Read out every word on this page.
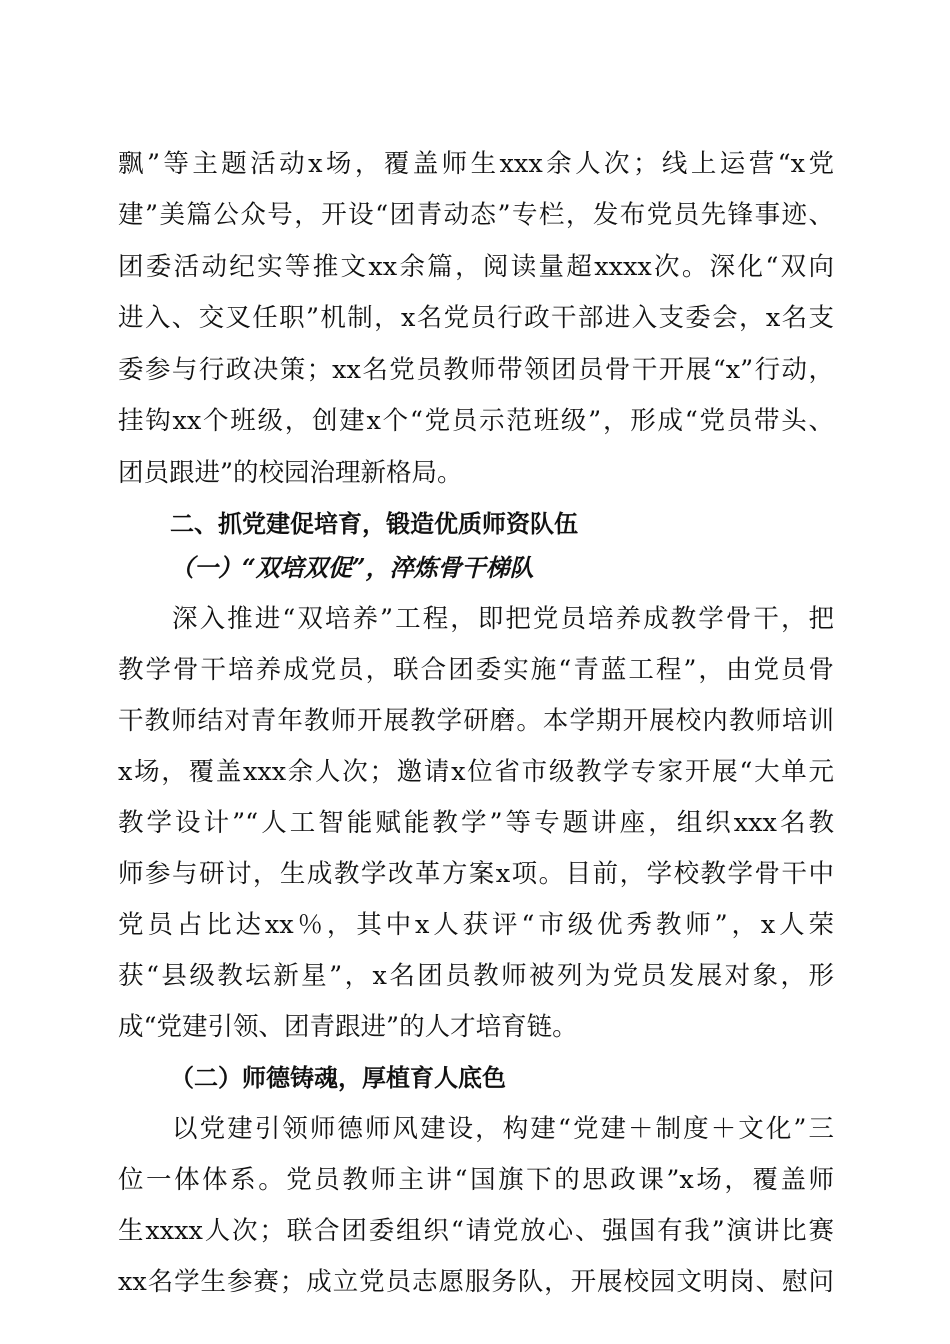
飘”等主题活动x场，覆盖师生xxx余人次；线上运营“x党
建”美篇公众号，开设“团青动态”专栏，发布党员先锋事迹、
团委活动纪实等推文xx余篇，阅读量超xxxx次。深化“双向
进入、交叉任职”机制，x名党员行政干部进入支委会，x名支
委参与行政决策；xx名党员教师带领团员骨干开展“x”行动，
挂钩xx个班级，创建x个“党员示范班级”，形成“党员带头、
团员跟进”的校园治理新格局。
二、抓党建促培育，锻造优质师资队伍
（一）“双培双促”，淬炼骨干梯队
深入推进“双培养”工程，即把党员培养成教学骨干，把
教学骨干培养成党员，联合团委实施“青蓝工程”，由党员骨
干教师结对青年教师开展教学研磨。本学期开展校内教师培训
x场，覆盖xxx余人次；邀请x位省市级教学专家开展“大单元
教学设计”“人工智能赋能教学”等专题讲座，组织xxx名教
师参与研讨，生成教学改革方案x项。目前，学校教学骨干中
党员占比达xx％，其中x人获评“市级优秀教师”，x人荣
获“县级教坛新星”，x名团员教师被列为党员发展对象，形
成“党建引领、团青跟进”的人才培育链。
（二）师德铸魂，厚植育人底色
以党建引领师德师风建设，构建“党建＋制度＋文化”三
位一体体系。党员教师主讲“国旗下的思政课”x场，覆盖师
生xxxx人次；联合团委组织“请党放心、强国有我”演讲比赛
xx名学生参赛；成立党员志愿服务队，开展校园文明岗、慰问
